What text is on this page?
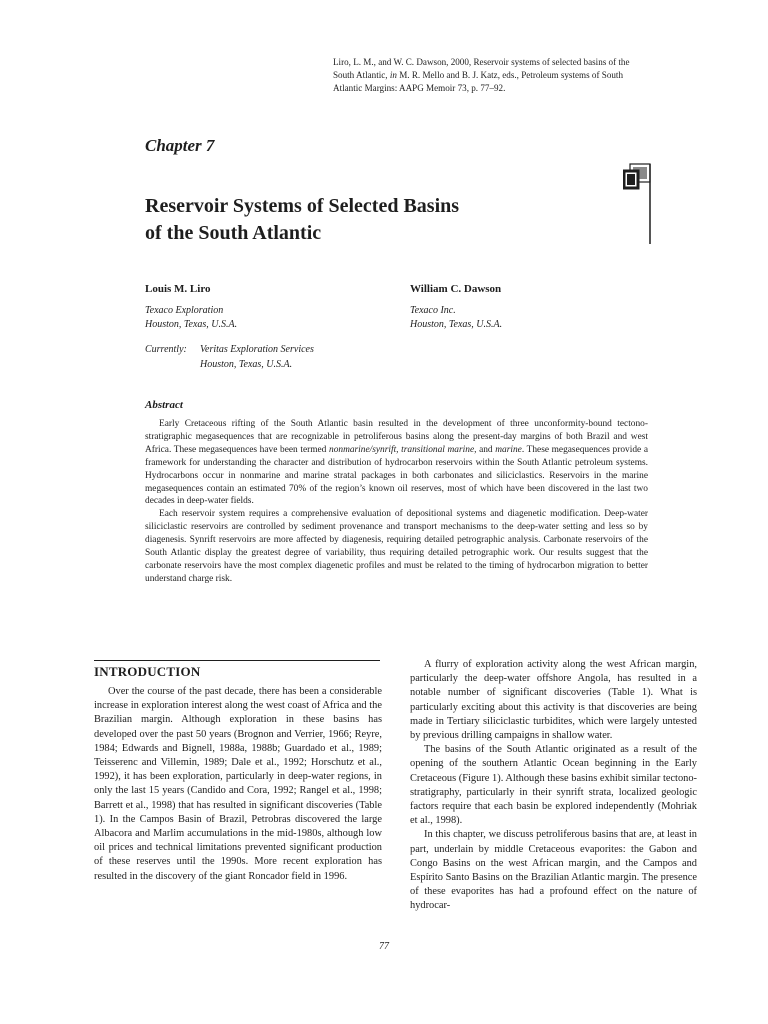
Liro, L. M., and W. C. Dawson, 2000, Reservoir systems of selected basins of the
South Atlantic, in M. R. Mello and B. J. Katz, eds., Petroleum systems of South
Atlantic Margins: AAPG Memoir 73, p. 77–92.
Chapter 7
Reservoir Systems of Selected Basins
of the South Atlantic
Louis M. Liro
Texaco Exploration
Houston, Texas, U.S.A.
William C. Dawson
Texaco Inc.
Houston, Texas, U.S.A.
Currently: Veritas Exploration Services
Houston, Texas, U.S.A.
Abstract

Early Cretaceous rifting of the South Atlantic basin resulted in the development of three unconformity-bound tectono-stratigraphic megasequences that are recognizable in petroliferous basins along the present-day margins of both Brazil and west Africa. These megasequences have been termed nonmarine/synrift, transitional marine, and marine. These megasequences provide a framework for understanding the character and distribution of hydrocarbon reservoirs within the South Atlantic petroleum systems. Hydrocarbons occur in nonmarine and marine stratal packages in both carbonates and siliciclastics. Reservoirs in the marine megasequences contain an estimated 70% of the region’s known oil reserves, most of which have been discovered in the last two decades in deep-water fields.

Each reservoir system requires a comprehensive evaluation of depositional systems and diagenetic modification. Deep-water siliciclastic reservoirs are controlled by sediment provenance and transport mechanisms to the deep-water setting and less so by diagenesis. Synrift reservoirs are more affected by diagenesis, requiring detailed petrographic analysis. Carbonate reservoirs of the South Atlantic display the greatest degree of variability, thus requiring detailed petrographic work. Our results suggest that the carbonate reservoirs have the most complex diagenetic profiles and must be related to the timing of hydrocarbon migration to better understand charge risk.

INTRODUCTION

Over the course of the past decade, there has been a considerable increase in exploration interest along the west coast of Africa and the Brazilian margin. Although exploration in these basins has developed over the past 50 years (Brognon and Verrier, 1966; Reyre, 1984; Edwards and Bignell, 1988a, 1988b; Guardado et al., 1989; Teisserenc and Villemin, 1989; Dale et al., 1992; Horschutz et al., 1992), it has been exploration, particularly in deep-water regions, in only the last 15 years (Candido and Cora, 1992; Rangel et al., 1998; Barrett et al., 1998) that has resulted in significant discoveries (Table 1). In the Campos Basin of Brazil, Petrobras discovered the large Albacora and Marlim accumulations in the mid-1980s, although low oil prices and technical limitations prevented significant production of these reserves until the 1990s. More recent exploration has resulted in the discovery of the giant Roncador field in 1996.

A flurry of exploration activity along the west African margin, particularly the deep-water offshore Angola, has resulted in a notable number of significant discoveries (Table 1). What is particularly exciting about this activity is that discoveries are being made in Tertiary siliciclastic turbidites, which were largely untested by previous drilling campaigns in shallow water.

The basins of the South Atlantic originated as a result of the opening of the southern Atlantic Ocean beginning in the Early Cretaceous (Figure 1). Although these basins exhibit similar tectono-stratigraphy, particularly in their synrift strata, localized geologic factors require that each basin be explored independently (Mohriak et al., 1998).

In this chapter, we discuss petroliferous basins that are, at least in part, underlain by middle Cretaceous evaporites: the Gabon and Congo Basins on the west African margin, and the Campos and Espírito Santo Basins on the Brazilian Atlantic margin. The presence of these evaporites has had a profound effect on the nature of hydrocar-

77
